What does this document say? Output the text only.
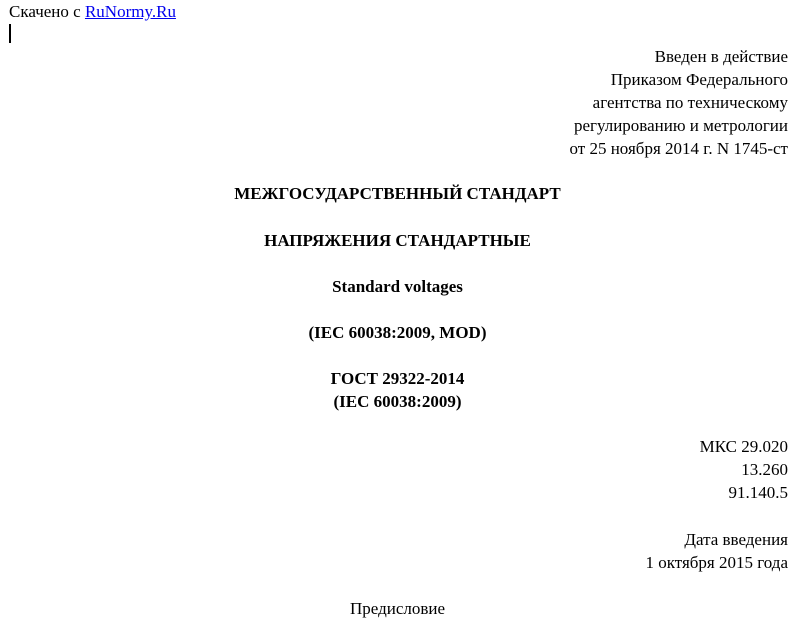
Скачено с RuNormy.Ru
Введен в действие
Приказом Федерального
агентства по техническому
регулированию и метрологии
от 25 ноября 2014 г. N 1745-ст
МЕЖГОСУДАРСТВЕННЫЙ СТАНДАРТ
НАПРЯЖЕНИЯ СТАНДАРТНЫЕ
Standard voltages
(IEC 60038:2009, MOD)
ГОСТ 29322-2014
(IEC 60038:2009)
МКС 29.020
13.260
91.140.5
Дата введения
1 октября 2015 года
Предисловие
